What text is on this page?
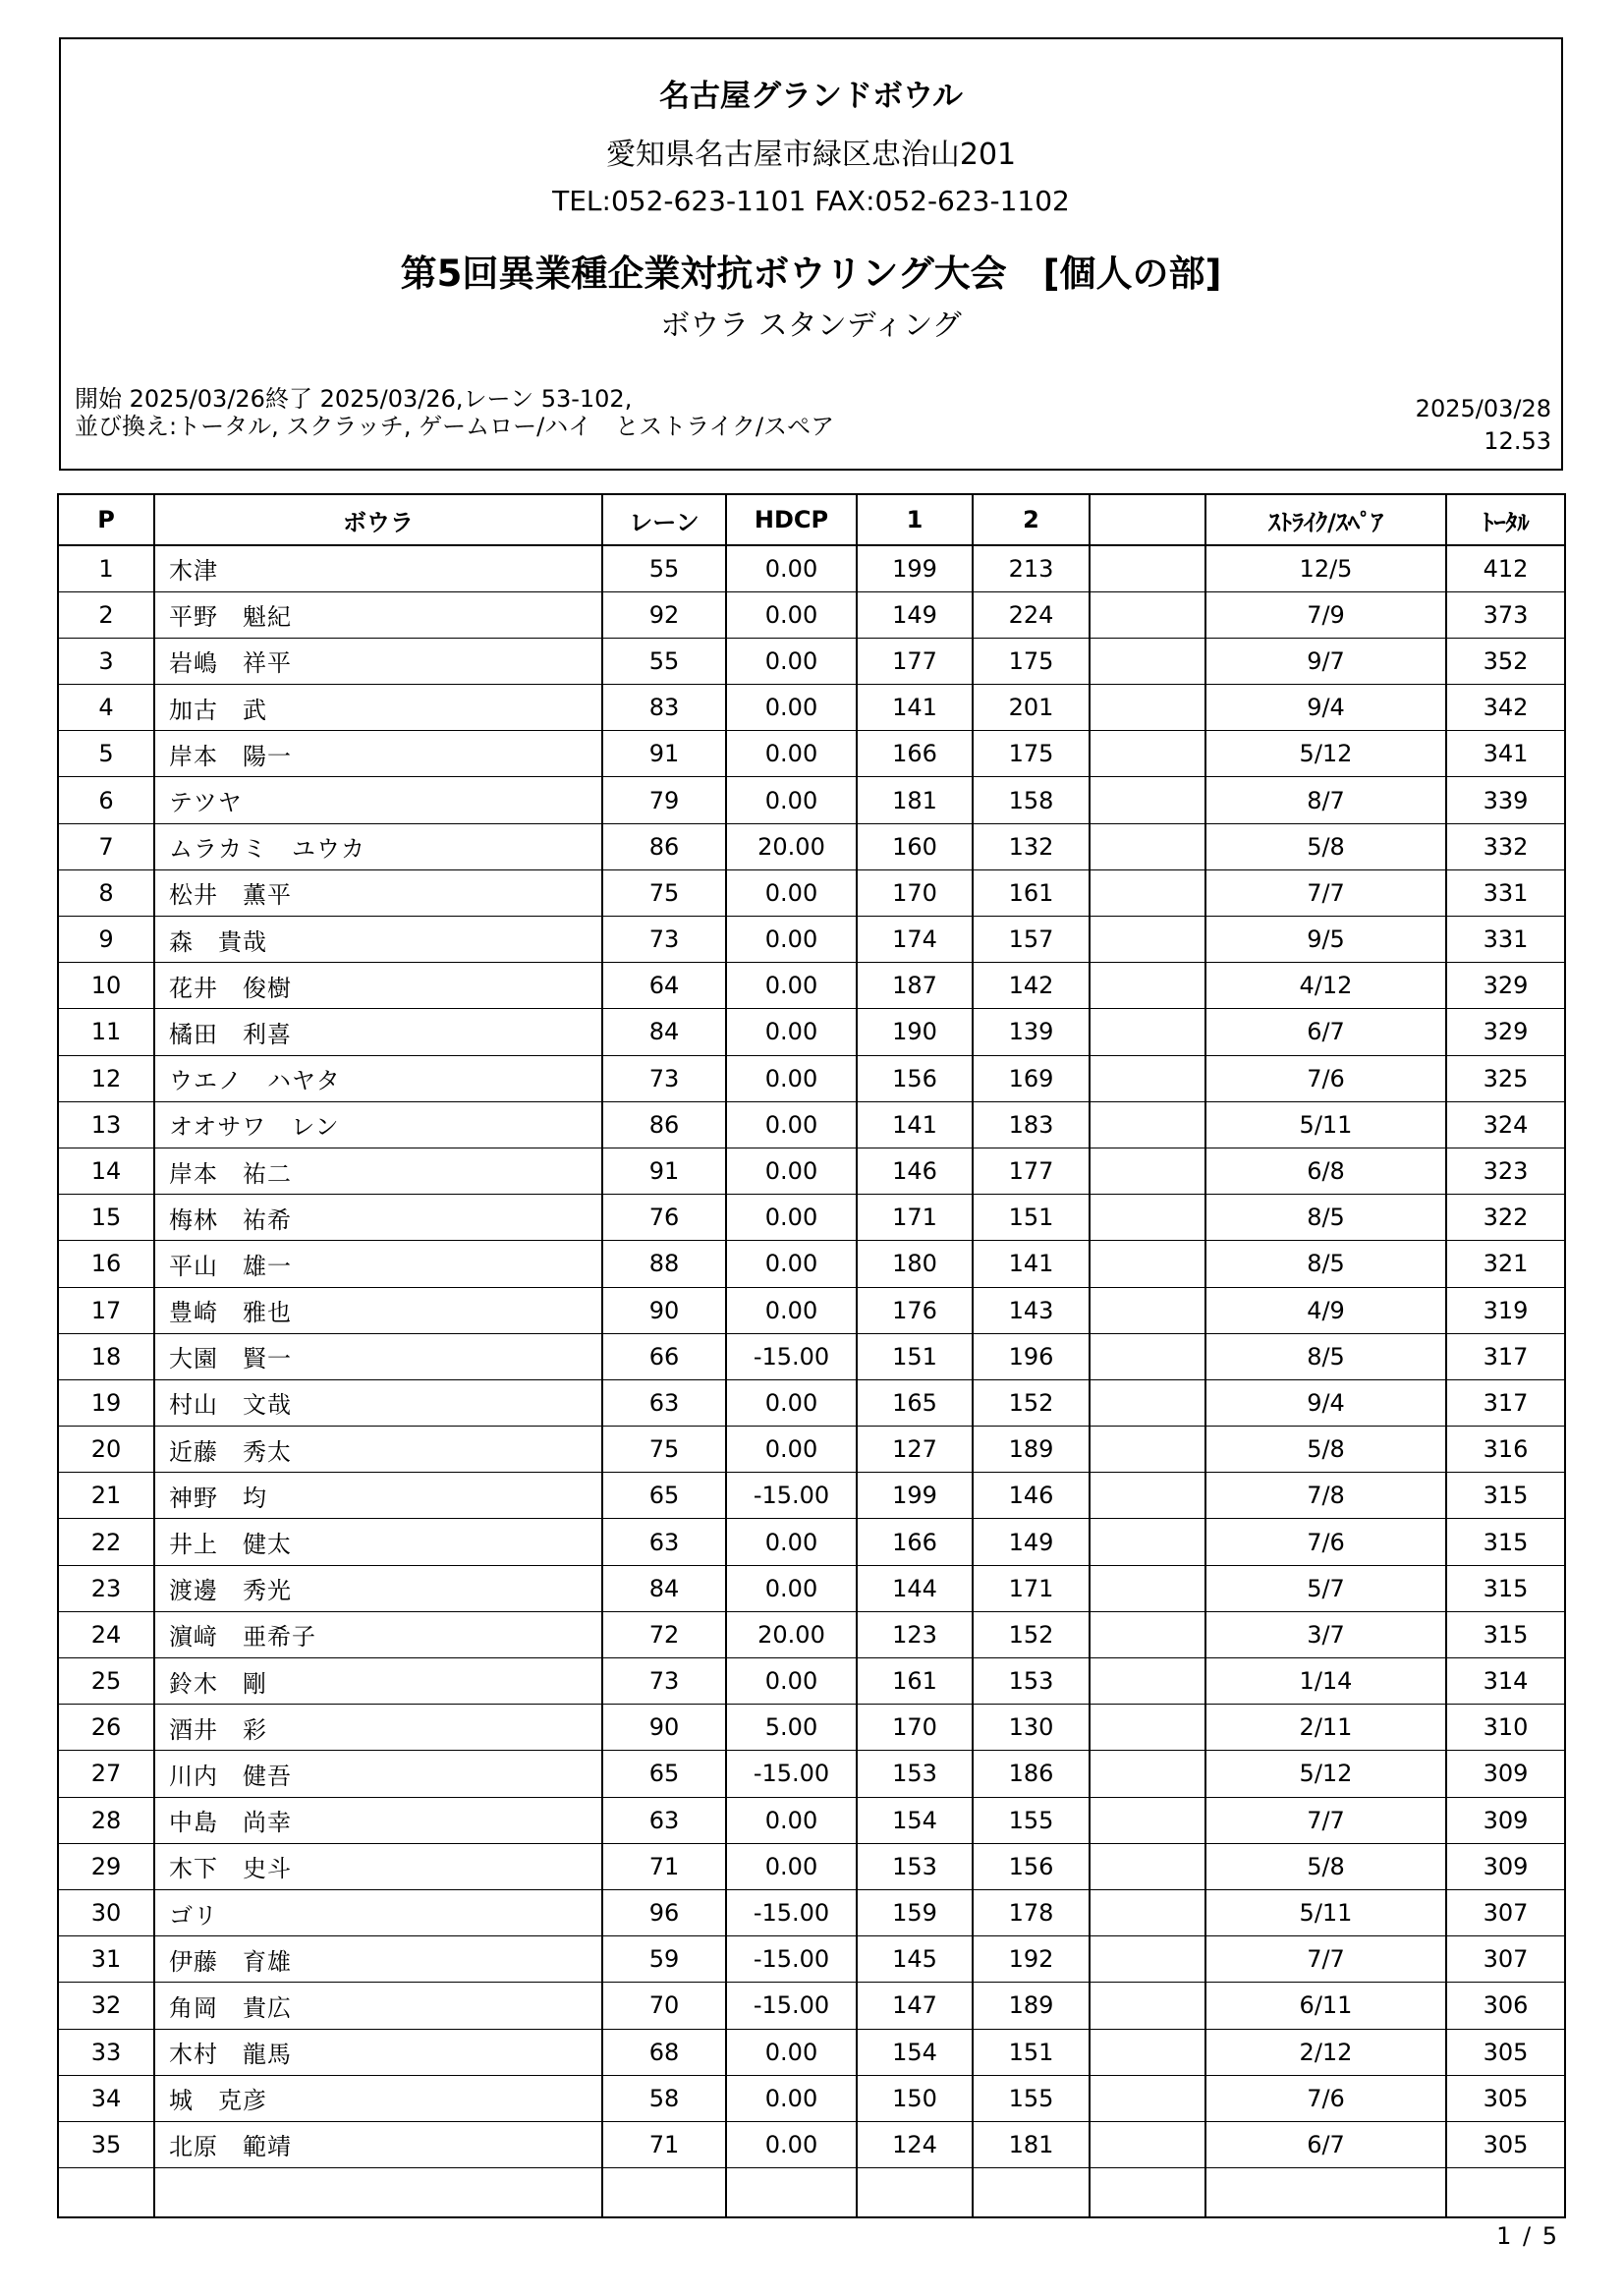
名古屋グランドボウル
愛知県名古屋市緑区忠治山201
TEL:052-623-1101 FAX:052-623-1102
第5回異業種企業対抗ボウリング大会　[個人の部]
ボウラ スタンディング
開始 2025/03/26終了 2025/03/26,レーン 53-102,
並び換え:トータル, スクラッチ, ゲームロー/ハイ　とストライク/スペア
2025/03/28
12.53
P	ボウラ	レーン	HDCP	1	2		ｽﾄﾗｲｸ/ｽﾍﾟｱ	ﾄｰﾀﾙ
1	木津	55	0.00	199	213		12/5	412
2	平野　魁紀	92	0.00	149	224		7/9	373
3	岩嶋　祥平	55	0.00	177	175		9/7	352
4	加古　武	83	0.00	141	201		9/4	342
5	岸本　陽一	91	0.00	166	175		5/12	341
6	テツヤ	79	0.00	181	158		8/7	339
7	ムラカミ　ユウカ	86	20.00	160	132		5/8	332
8	松井　薫平	75	0.00	170	161		7/7	331
9	森　貴哉	73	0.00	174	157		9/5	331
10	花井　俊樹	64	0.00	187	142		4/12	329
11	橘田　利喜	84	0.00	190	139		6/7	329
12	ウエノ　ハヤタ	73	0.00	156	169		7/6	325
13	オオサワ　レン	86	0.00	141	183		5/11	324
14	岸本　祐二	91	0.00	146	177		6/8	323
15	梅林　祐希	76	0.00	171	151		8/5	322
16	平山　雄一	88	0.00	180	141		8/5	321
17	豊崎　雅也	90	0.00	176	143		4/9	319
18	大園　賢一	66	-15.00	151	196		8/5	317
19	村山　文哉	63	0.00	165	152		9/4	317
20	近藤　秀太	75	0.00	127	189		5/8	316
21	神野　均	65	-15.00	199	146		7/8	315
22	井上　健太	63	0.00	166	149		7/6	315
23	渡邊　秀光	84	0.00	144	171		5/7	315
24	濵﨑　亜希子	72	20.00	123	152		3/7	315
25	鈴木　剛	73	0.00	161	153		1/14	314
26	酒井　彩	90	5.00	170	130		2/11	310
27	川内　健吾	65	-15.00	153	186		5/12	309
28	中島　尚幸	63	0.00	154	155		7/7	309
29	木下　史斗	71	0.00	153	156		5/8	309
30	ゴリ	96	-15.00	159	178		5/11	307
31	伊藤　育雄	59	-15.00	145	192		7/7	307
32	角岡　貴広	70	-15.00	147	189		6/11	306
33	木村　龍馬	68	0.00	154	151		2/12	305
34	城　克彦	58	0.00	150	155		7/6	305
35	北原　範靖	71	0.00	124	181		6/7	305

1 / 5
